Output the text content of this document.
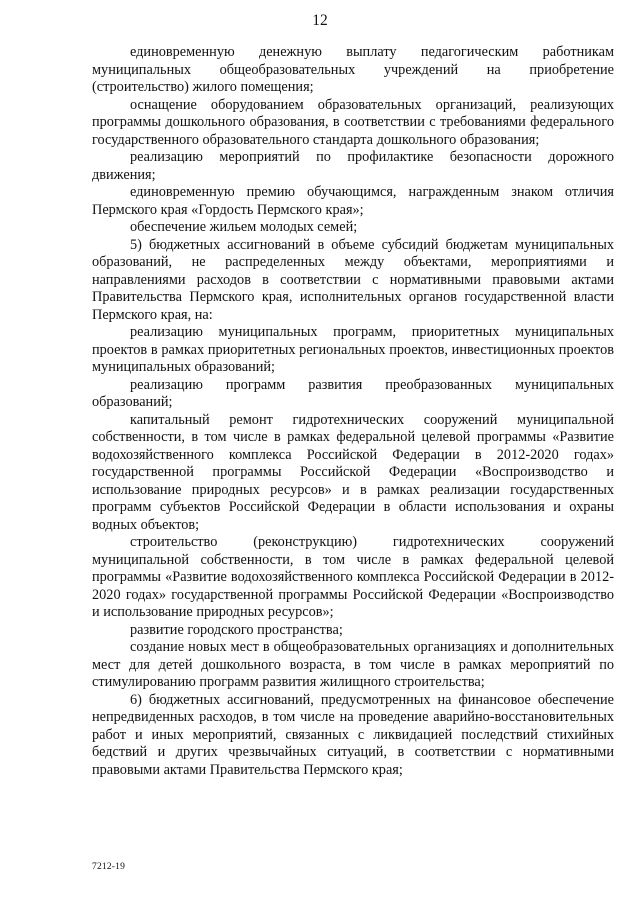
12

единовременную денежную выплату педагогическим работникам муниципальных общеобразовательных учреждений на приобретение (строительство) жилого помещения;

оснащение оборудованием образовательных организаций, реализующих программы дошкольного образования, в соответствии с требованиями федерального государственного образовательного стандарта дошкольного образования;

реализацию мероприятий по профилактике безопасности дорожного движения;

единовременную премию обучающимся, награжденным знаком отличия Пермского края «Гордость Пермского края»;

обеспечение жильем молодых семей;

5) бюджетных ассигнований в объеме субсидий бюджетам муниципальных образований, не распределенных между объектами, мероприятиями и направлениями расходов в соответствии с нормативными правовыми актами Правительства Пермского края, исполнительных органов государственной власти Пермского края, на:

реализацию муниципальных программ, приоритетных муниципальных проектов в рамках приоритетных региональных проектов, инвестиционных проектов муниципальных образований;

реализацию программ развития преобразованных муниципальных образований;

капитальный ремонт гидротехнических сооружений муниципальной собственности, в том числе в рамках федеральной целевой программы «Развитие водохозяйственного комплекса Российской Федерации в 2012-2020 годах» государственной программы Российской Федерации «Воспроизводство и использование природных ресурсов» и в рамках реализации государственных программ субъектов Российской Федерации в области использования и охраны водных объектов;

строительство (реконструкцию) гидротехнических сооружений муниципальной собственности, в том числе в рамках федеральной целевой программы «Развитие водохозяйственного комплекса Российской Федерации в 2012-2020 годах» государственной программы Российской Федерации «Воспроизводство и использование природных ресурсов»;

развитие городского пространства;

создание новых мест в общеобразовательных организациях и дополнительных мест для детей дошкольного возраста, в том числе в рамках мероприятий по стимулированию программ развития жилищного строительства;

6) бюджетных ассигнований, предусмотренных на финансовое обеспечение непредвиденных расходов, в том числе на проведение аварийно-восстановительных работ и иных мероприятий, связанных с ликвидацией последствий стихийных бедствий и других чрезвычайных ситуаций, в соответствии с нормативными правовыми актами Правительства Пермского края;

7212-19
